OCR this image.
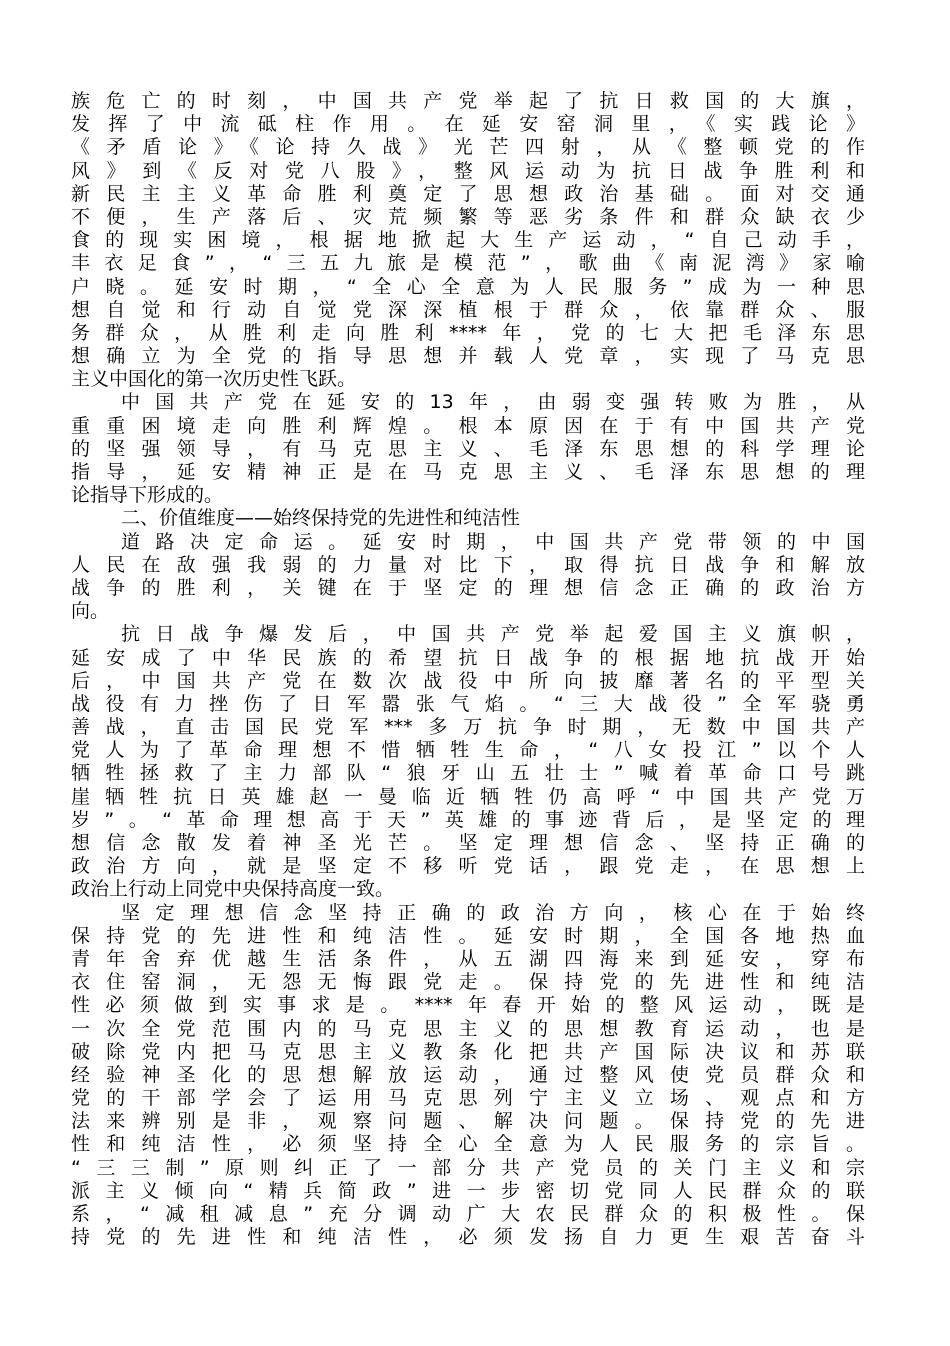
族危亡的时刻，中国共产党举起了抗日救国的大旗，
发挥了中流砥柱作用。在延安窑洞里，《实践论》
《矛盾论》《论持久战》光芒四射，从《整顿党的作
风》到《反对党八股》，整风运动为抗日战争胜利和
新民主主义革命胜利奠定了思想政治基础。面对交通
不便，生产落后、灾荒频繁等恶劣条件和群众缺衣少
食的现实困境，根据地掀起大生产运动，“自己动手，
丰衣足食”，“三五九旅是模范”，歌曲《南泥湾》家喻
户晓。延安时期，“全心全意为人民服务”成为一种思
想自觉和行动自觉党深深植根于群众，依靠群众、服
务群众，从胜利走向胜利****年，党的七大把毛泽东思
想确立为全党的指导思想并载人党章，实现了马克思
主义中国化的第一次历史性飞跃。
中国共产党在延安的13年，由弱变强转败为胜，从
重重困境走向胜利辉煌。根本原因在于有中国共产党
的坚强领导，有马克思主义、毛泽东思想的科学理论
指导，延安精神正是在马克思主义、毛泽东思想的理
论指导下形成的。
二、价值维度——始终保持党的先进性和纯洁性
道路决定命运。延安时期，中国共产党带领的中国
人民在敌强我弱的力量对比下，取得抗日战争和解放
战争的胜利，关键在于坚定的理想信念正确的政治方
向。
抗日战争爆发后，中国共产党举起爱国主义旗帜，
延安成了中华民族的希望抗日战争的根据地抗战开始
后，中国共产党在数次战役中所向披靡著名的平型关
战役有力挫伤了日军嚣张气焰。“三大战役”全军骁勇
善战，直击国民党军***多万抗争时期，无数中国共产
党人为了革命理想不惜牺牲生命，“八女投江”以个人
牺牲拯救了主力部队“狼牙山五壮士”喊着革命口号跳
崖牺牲抗日英雄赵一曼临近牺牲仍高呼“中国共产党万
岁”。“革命理想高于天”英雄的事迹背后，是坚定的理
想信念散发着神圣光芒。坚定理想信念、坚持正确的
政治方向，就是坚定不移听党话，跟党走，在思想上
政治上行动上同党中央保持高度一致。
坚定理想信念坚持正确的政治方向，核心在于始终
保持党的先进性和纯洁性。延安时期，全国各地热血
青年舍弃优越生活条件，从五湖四海来到延安，穿布
衣住窑洞，无怨无悔跟党走。保持党的先进性和纯洁
性必须做到实事求是。****年春开始的整风运动，既是
一次全党范围内的马克思主义的思想教育运动，也是
破除党内把马克思主义教条化把共产国际决议和苏联
经验神圣化的思想解放运动，通过整风使党员群众和
党的干部学会了运用马克思列宁主义立场、观点和方
法来辨别是非，观察问题、解决问题。保持党的先进
性和纯洁性，必须坚持全心全意为人民服务的宗旨。
“三三制”原则纠正了一部分共产党员的关门主义和宗
派主义倾向“精兵简政”进一步密切党同人民群众的联
系，“减租减息”充分调动广大农民群众的积极性。保
持党的先进性和纯洁性，必须发扬自力更生艰苦奋斗
